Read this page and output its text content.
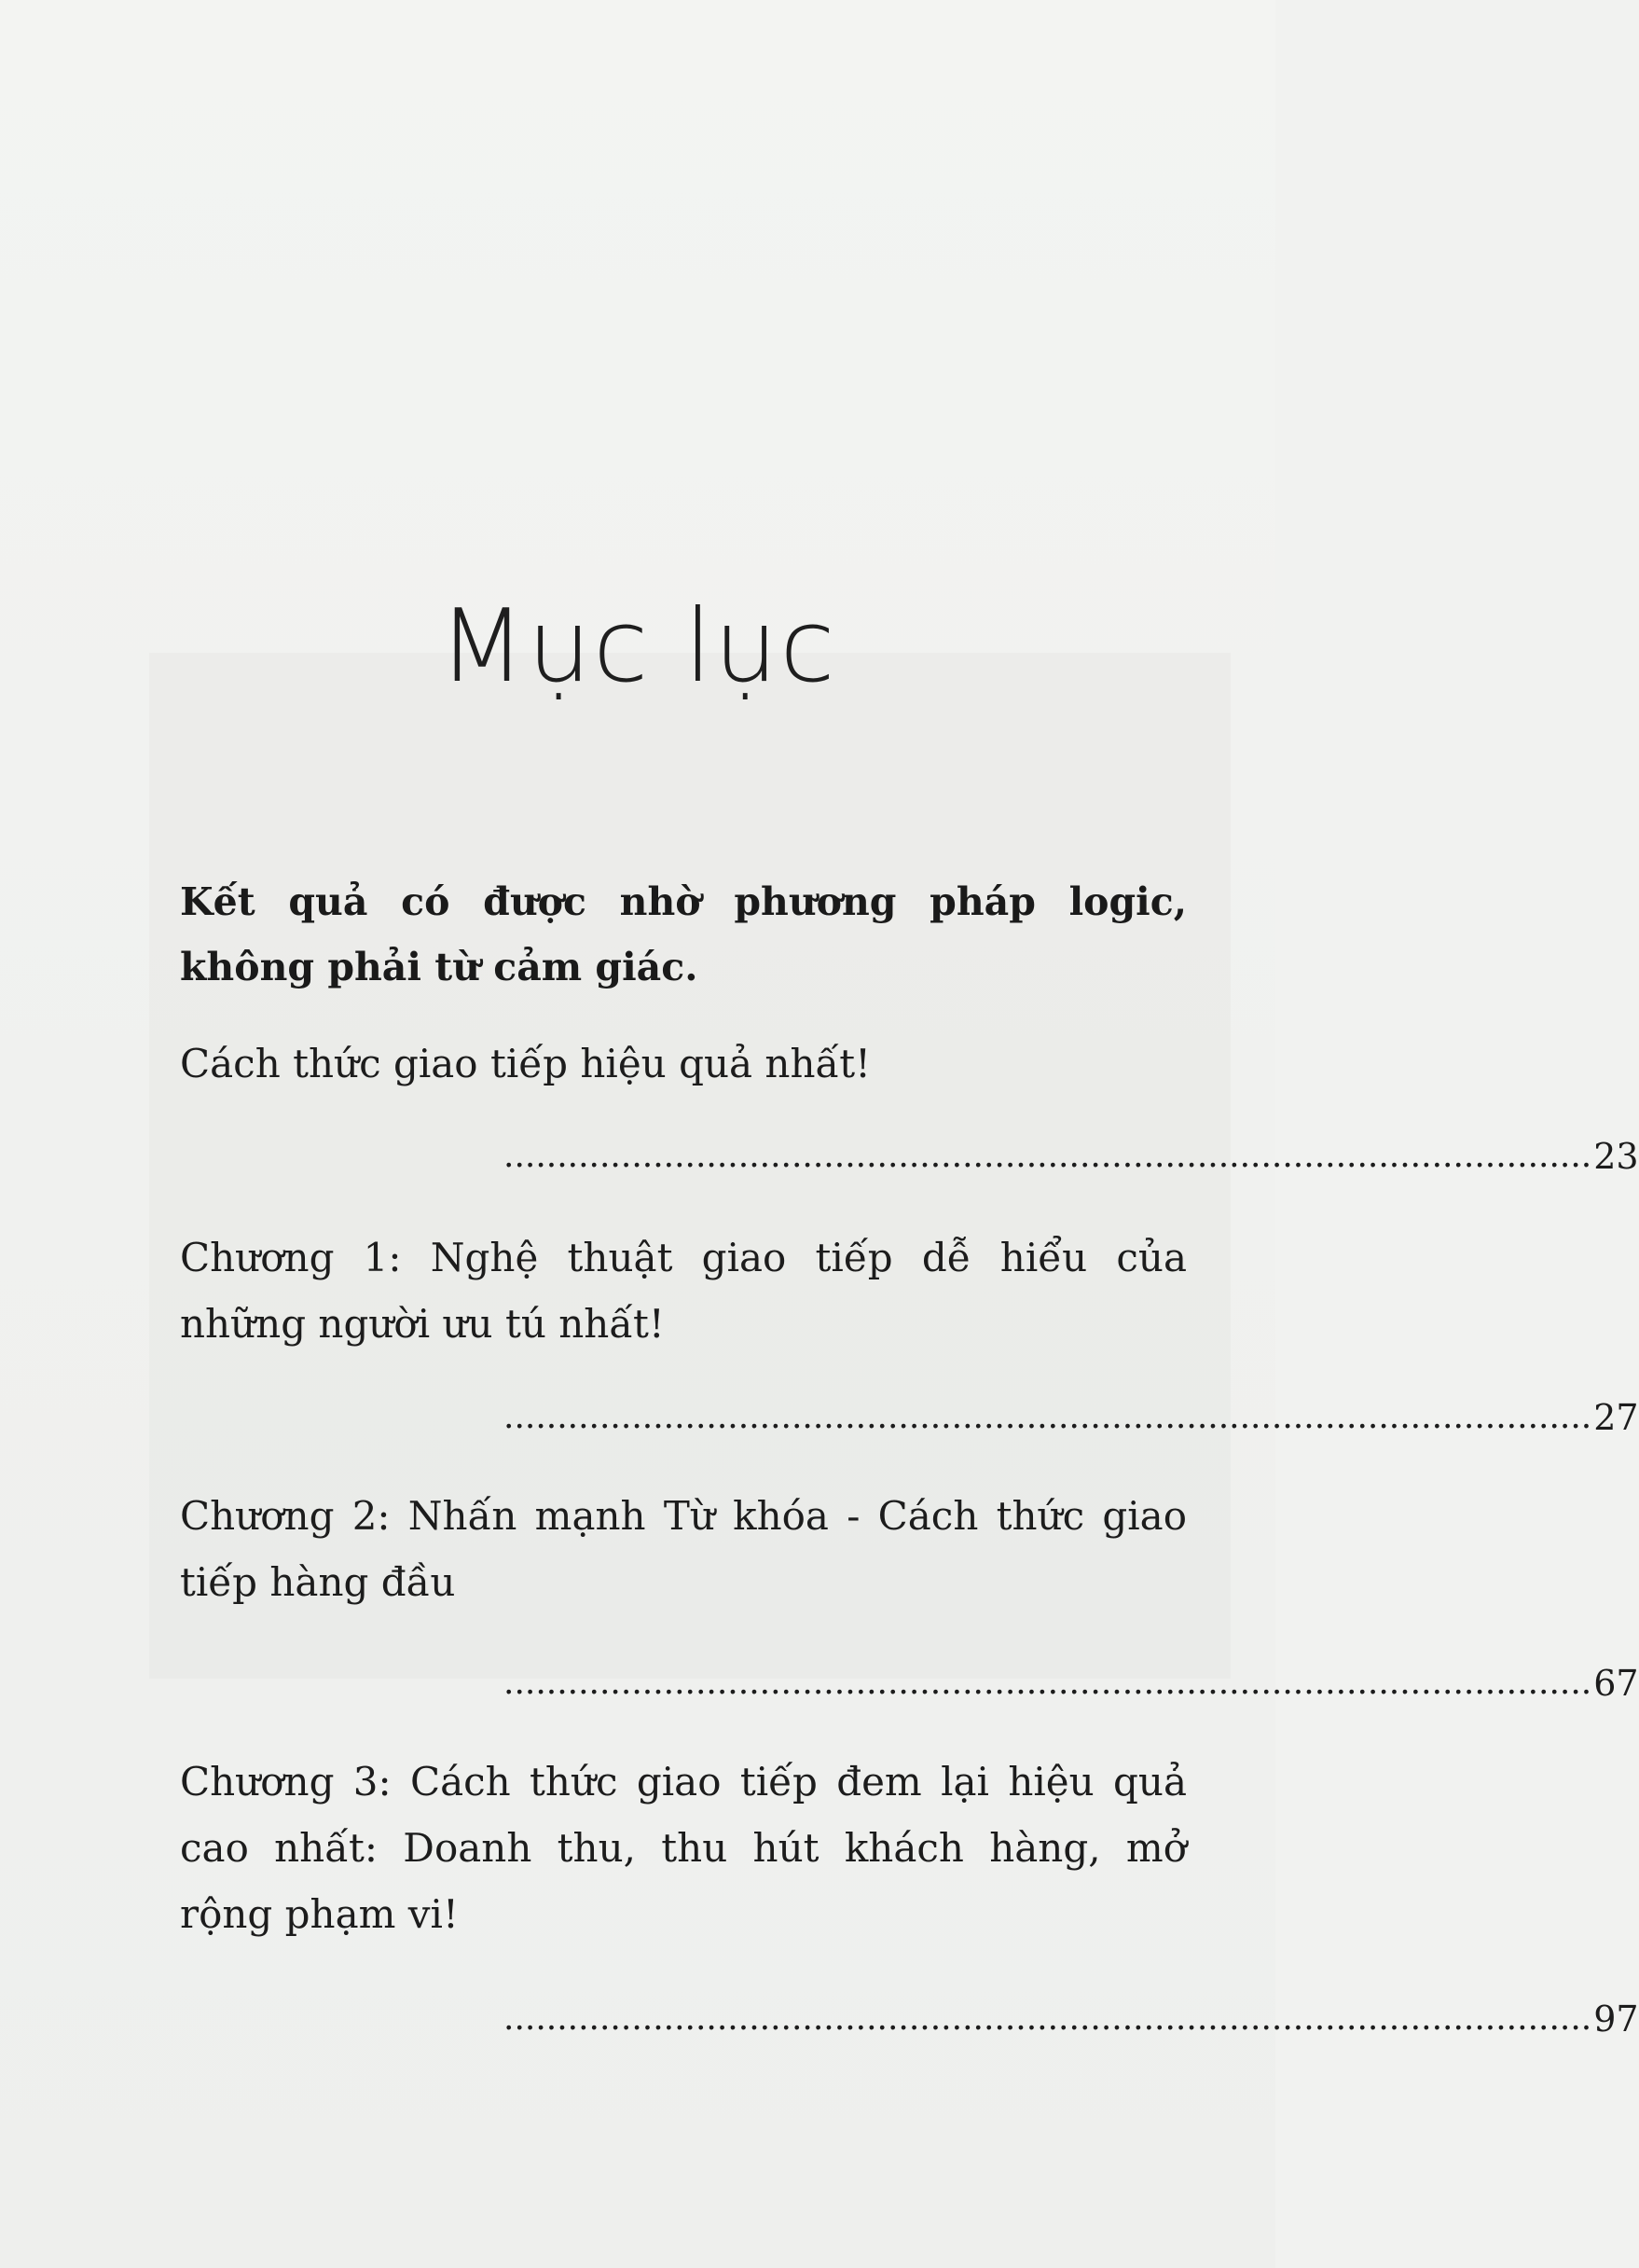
Mục lục
Kết quả có được nhờ phương pháp logic, không phải từ cảm giác.
Cách thức giao tiếp hiệu quả nhất!
...................................................................................................... 23
Chương 1: Nghệ thuật giao tiếp dễ hiểu của những người ưu tú nhất!
...................................................................................................... 27
Chương 2: Nhấn mạnh Từ khóa - Cách thức giao tiếp hàng đầu
...................................................................................................... 67
Chương 3: Cách thức giao tiếp đem lại hiệu quả cao nhất: Doanh thu, thu hút khách hàng, mở rộng phạm vi!
...................................................................................................... 97
